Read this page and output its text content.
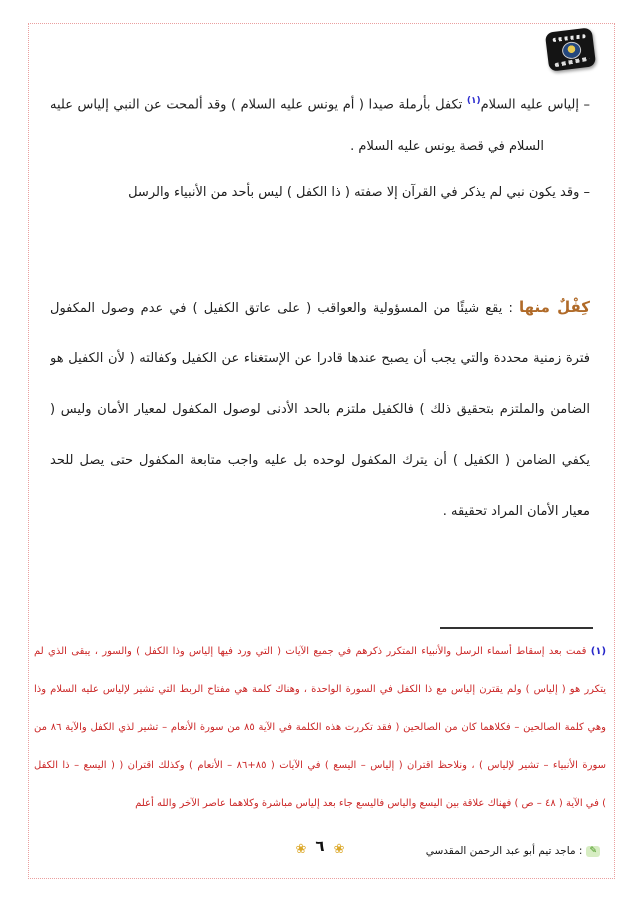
– إلياس عليه السلام$^{(١)}$ تكفل بأرملة صيدا ( أم يونس عليه السلام ) وقد ألمحت عن النبي إلياس عليه
السلام في قصة يونس عليه السلام .
– وقد يكون نبي لم يذكر في القرآن إلا صفته ( ذا الكفل ) ليس بأحد من الأنبياء والرسل
كِفْلٌ منها : يقع شيئًا من المسؤولية والعواقب ( على عاتق الكفيل ) في عدم وصول المكفول
فترة زمنية محددة والتي يجب أن يصبح عندها قادرا عن الإستغناء عن الكفيل وكفالته ( لأن الكفيل هو
الضامن والملتزم بتحقيق ذلك ) فالكفيل ملتزم بالحد الأدنى لوصول المكفول لمعيار الأمان وليس (
يكفي الضامن ( الكفيل ) أن يترك المكفول لوحده بل عليه واجب متابعة المكفول حتى يصل للحد
معيار الأمان المراد تحقيقه .
(١) قمت بعد إسقاط أسماء الرسل والأنبياء المتكرر ذكرهم في جميع الآيات ( التي ورد فيها إلياس وذا الكفل ) والسور ، يبقى الذي لم
يتكرر هو ( إلياس ) ولم يقترن إلياس مع ذا الكفل في السورة الواحدة ، وهناك كلمة هي مفتاح الربط التي تشير لإلياس عليه السلام وذا
وهي كلمة الصالحين – فكلاهما كان من الصالحين ( فقد تكررت هذه الكلمة في الآية ٨٥ من سورة الأنعام – تشير لذي الكفل والآية ٨٦ من
سورة الأنبياء – تشير لإلياس ) ، ونلاحظ اقتران ( إلياس – اليسع ) في الآيات ( ٨٥+٨٦ – الأنعام ) وكذلك اقتران ( ( اليسع – ذا الكفل
) في الآية ( ٤٨ – ص ) فهناك علاقة بين اليسع والياس فاليسع جاء بعد إلياس مباشرة وكلاهما عاصر الآخر والله أعلم
❀ ٦ ❀	✎
: ماجد تيم أبو عبد الرحمن المقدسي
